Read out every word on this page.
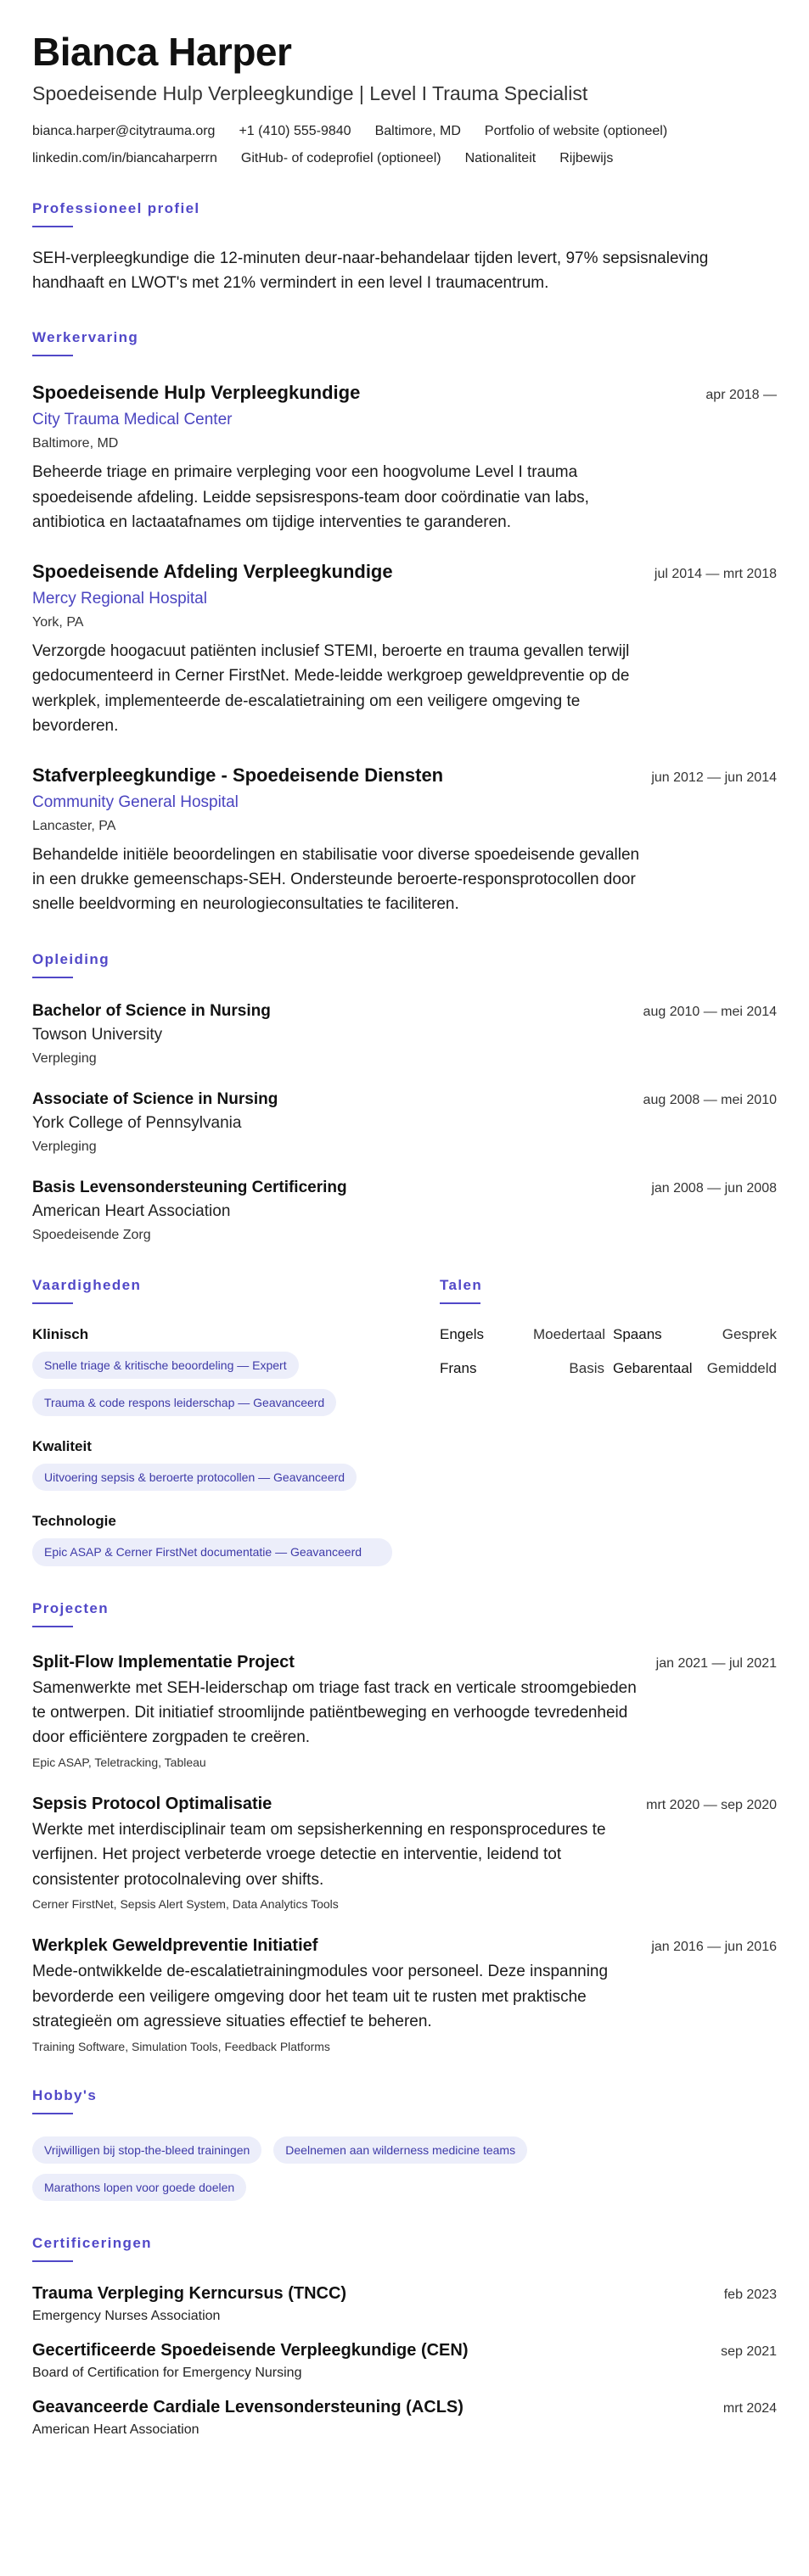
Bianca Harper
Spoedeisende Hulp Verpleegkundige | Level I Trauma Specialist
bianca.harper@citytrauma.org +1 (410) 555-9840 Baltimore, MD Portfolio of website (optioneel)
linkedin.com/in/biancaharperrn GitHub- of codeprofiel (optioneel) Nationaliteit Rijbewijs
Professioneel profiel

SEH-verpleegkundige die 12-minuten deur-naar-behandelaar tijden levert, 97% sepsisnaleving handhaaft en LWOT's met 21% vermindert in een level I traumacentrum.

Werkervaring
Spoedeisende Hulp Verpleegkundige	apr 2018 —
City Trauma Medical Center
Baltimore, MD

Beheerde triage en primaire verpleging voor een hoogvolume Level I trauma spoedeisende afdeling. Leidde sepsisrespons-team door coördinatie van labs, antibiotica en lactaatafnames om tijdige interventies te garanderen.

Spoedeisende Afdeling Verpleegkundige	jul 2014 — mrt 2018
Mercy Regional Hospital
York, PA

Verzorgde hoogacuut patiënten inclusief STEMI, beroerte en trauma gevallen terwijl gedocumenteerd in Cerner FirstNet. Mede-leidde werkgroep geweldpreventie op de werkplek, implementeerde de-escalatietraining om een veiligere omgeving te bevorderen.

Stafverpleegkundige - Spoedeisende Diensten	jun 2012 — jun 2014
Community General Hospital
Lancaster, PA

Behandelde initiële beoordelingen en stabilisatie voor diverse spoedeisende gevallen in een drukke gemeenschaps-SEH. Ondersteunde beroerte-responsprotocollen door snelle beeldvorming en neurologieconsultaties te faciliteren.

Opleiding
Bachelor of Science in Nursing	aug 2010 — mei 2014
Towson University
Verpleging
Associate of Science in Nursing	aug 2008 — mei 2010
York College of Pennsylvania
Verpleging
Basis Levensondersteuning Certificering	jan 2008 — jun 2008
American Heart Association
Spoedeisende Zorg
Vaardigheden
Klinisch
Snelle triage & kritische beoordeling — Expert
Trauma & code respons leiderschap — Geavanceerd
Kwaliteit
Uitvoering sepsis & beroerte protocollen — Geavanceerd
Technologie
Epic ASAP & Cerner FirstNet documentatie — Geavanceerd
Talen
Engels	Moedertaal Spaans	Gesprek
Frans	Basis Gebarentaal	Gemiddeld
Projecten
Split-Flow Implementatie Project	jan 2021 — jul 2021

Samenwerkte met SEH-leiderschap om triage fast track en verticale stroomgebieden te ontwerpen. Dit initiatief stroomlijnde patiëntbeweging en verhoogde tevredenheid door efficiëntere zorgpaden te creëren.

Epic ASAP, Teletracking, Tableau
Sepsis Protocol Optimalisatie	mrt 2020 — sep 2020

Werkte met interdisciplinair team om sepsisherkenning en responsprocedures te verfijnen. Het project verbeterde vroege detectie en interventie, leidend tot consistenter protocolnaleving over shifts.

Cerner FirstNet, Sepsis Alert System, Data Analytics Tools
Werkplek Geweldpreventie Initiatief	jan 2016 — jun 2016

Mede-ontwikkelde de-escalatietrainingmodules voor personeel. Deze inspanning bevorderde een veiligere omgeving door het team uit te rusten met praktische strategieën om agressieve situaties effectief te beheren.

Training Software, Simulation Tools, Feedback Platforms
Hobby's
Vrijwilligen bij stop-the-bleed trainingen	Deelnemen aan wilderness medicine teams
Marathons lopen voor goede doelen
Certificeringen
Trauma Verpleging Kerncursus (TNCC)	feb 2023
Emergency Nurses Association
Gecertificeerde Spoedeisende Verpleegkundige (CEN)	sep 2021
Board of Certification for Emergency Nursing
Geavanceerde Cardiale Levensondersteuning (ACLS)	mrt 2024
American Heart Association
